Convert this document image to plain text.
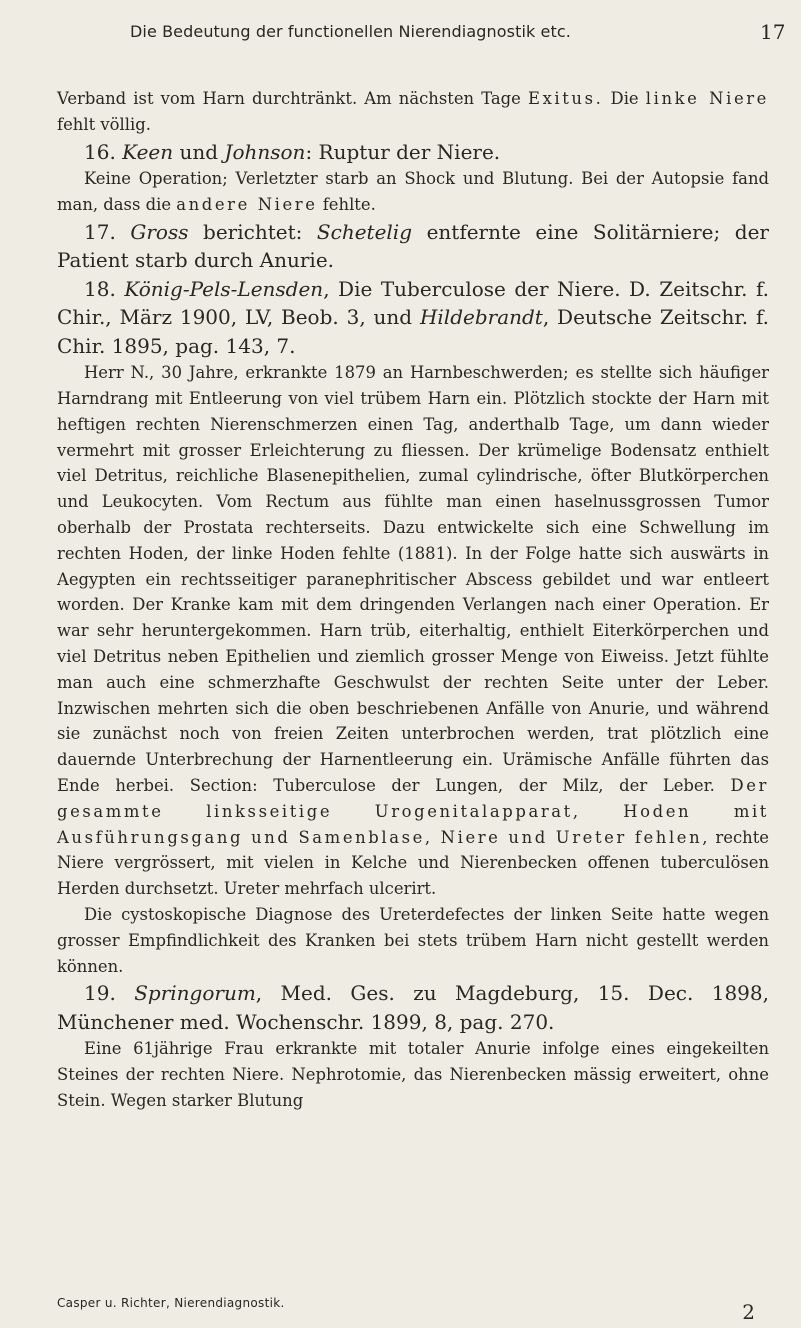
Die Bedeutung der functionellen Nierendiagnostik etc.	17

Verband ist vom Harn durchtränkt. Am nächsten Tage Exitus. Die linke Niere fehlt völlig.

16. Keen und Johnson: Ruptur der Niere.

Keine Operation; Verletzter starb an Shock und Blutung. Bei der Autopsie fand man, dass die andere Niere fehlte.

17. Gross berichtet: Schetelig entfernte eine Solitärniere; der Patient starb durch Anurie.

18. König-Pels-Lensden, Die Tuberculose der Niere. D. Zeitschr. f. Chir., März 1900, LV, Beob. 3, und Hildebrandt, Deutsche Zeitschr. f. Chir. 1895, pag. 143, 7.

Herr N., 30 Jahre, erkrankte 1879 an Harnbeschwerden; es stellte sich häufiger Harndrang mit Entleerung von viel trübem Harn ein. Plötzlich stockte der Harn mit heftigen rechten Nierenschmerzen einen Tag, anderthalb Tage, um dann wieder vermehrt mit grosser Erleichterung zu fliessen. Der krümelige Bodensatz enthielt viel Detritus, reichliche Blasenepithelien, zumal cylindrische, öfter Blutkörperchen und Leukocyten. Vom Rectum aus fühlte man einen haselnussgrossen Tumor oberhalb der Prostata rechterseits. Dazu entwickelte sich eine Schwellung im rechten Hoden, der linke Hoden fehlte (1881). In der Folge hatte sich auswärts in Aegypten ein rechtsseitiger paranephritischer Abscess gebildet und war entleert worden. Der Kranke kam mit dem dringenden Verlangen nach einer Operation. Er war sehr heruntergekommen. Harn trüb, eiterhaltig, enthielt Eiterkörperchen und viel Detritus neben Epithelien und ziemlich grosser Menge von Eiweiss. Jetzt fühlte man auch eine schmerzhafte Geschwulst der rechten Seite unter der Leber. Inzwischen mehrten sich die oben beschriebenen Anfälle von Anurie, und während sie zunächst noch von freien Zeiten unterbrochen werden, trat plötzlich eine dauernde Unterbrechung der Harnentleerung ein. Urämische Anfälle führten das Ende herbei. Section: Tuberculose der Lungen, der Milz, der Leber. Der gesammte linksseitige Urogenitalapparat, Hoden mit Ausführungsgang und Samenblase, Niere und Ureter fehlen, rechte Niere vergrössert, mit vielen in Kelche und Nierenbecken offenen tuberculösen Herden durchsetzt. Ureter mehrfach ulcerirt.

Die cystoskopische Diagnose des Ureterdefectes der linken Seite hatte wegen grosser Empfindlichkeit des Kranken bei stets trübem Harn nicht gestellt werden können.

19. Springorum, Med. Ges. zu Magdeburg, 15. Dec. 1898, Münchener med. Wochenschr. 1899, 8, pag. 270.

Eine 61jährige Frau erkrankte mit totaler Anurie infolge eines eingekeilten Steines der rechten Niere. Nephrotomie, das Nierenbecken mässig erweitert, ohne Stein. Wegen starker Blutung

Casper u. Richter, Nierendiagnostik.	2
